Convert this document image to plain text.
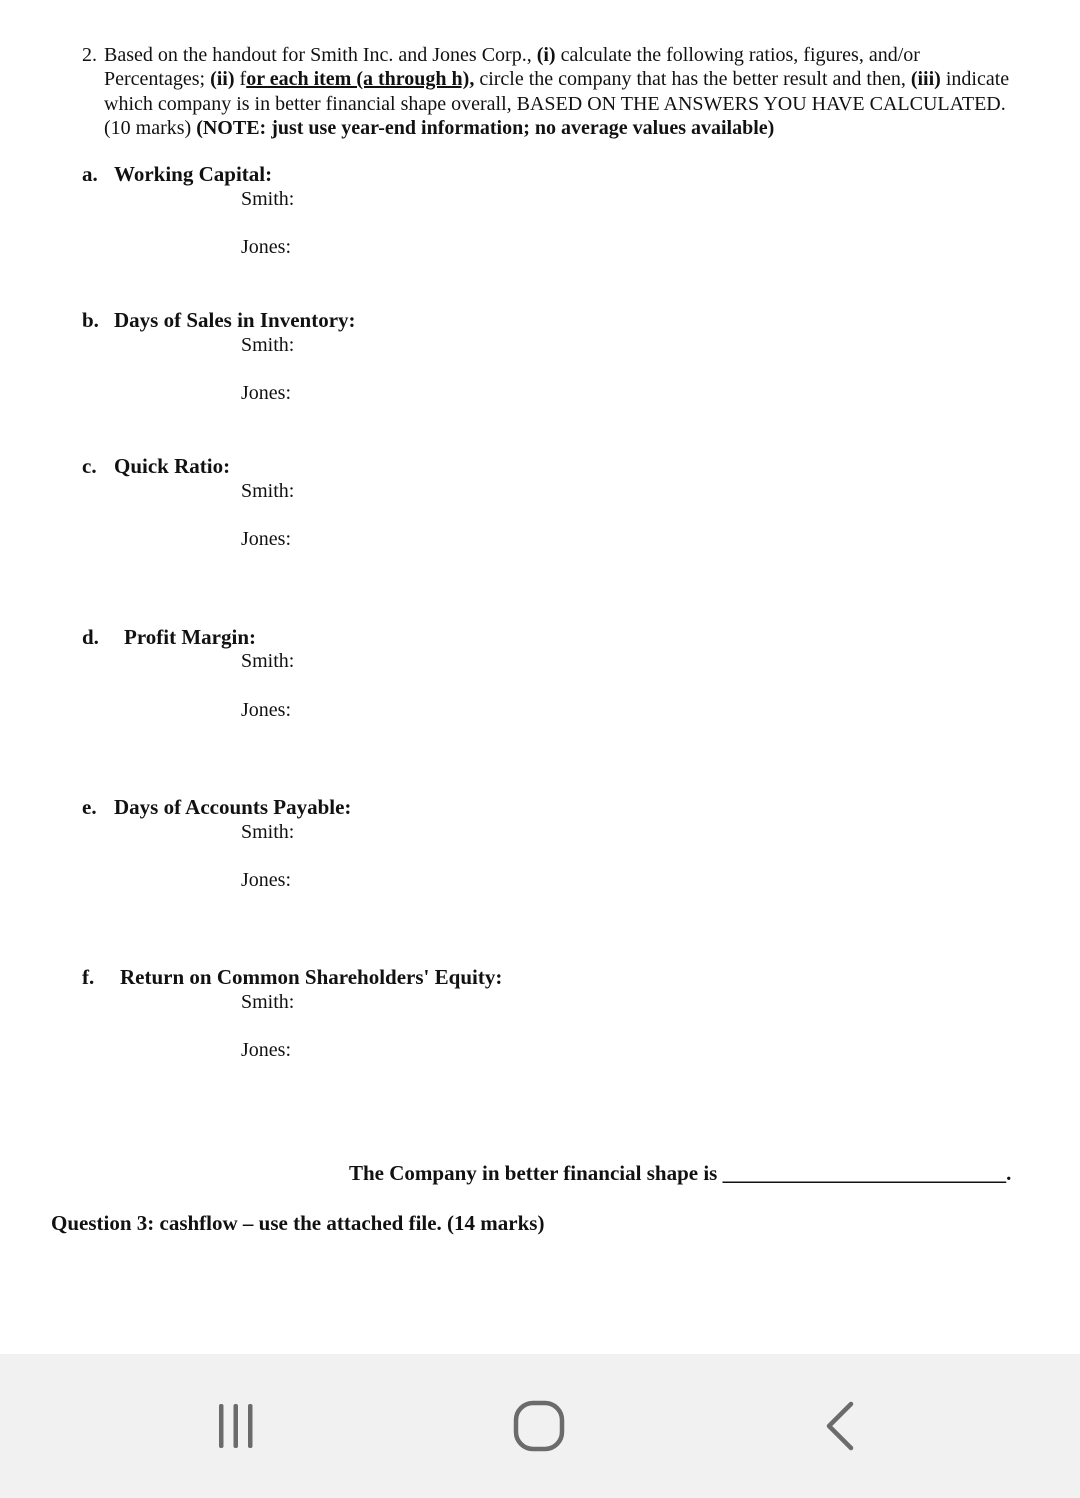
2. Based on the handout for Smith Inc. and Jones Corp., (i) calculate the following ratios, figures, and/or Percentages; (ii) for each item (a through h), circle the company that has the better result and then, (iii) indicate which company is in better financial shape overall, BASED ON THE ANSWERS YOU HAVE CALCULATED. (10 marks) (NOTE: just use year-end information; no average values available)
a. Working Capital:
Smith:
Jones:
b. Days of Sales in Inventory:
Smith:
Jones:
c. Quick Ratio:
Smith:
Jones:
d. Profit Margin:
Smith:
Jones:
e. Days of Accounts Payable:
Smith:
Jones:
f. Return on Common Shareholders' Equity:
Smith:
Jones:
The Company in better financial shape is ___________________________.
Question 3: cashflow – use the attached file. (14 marks)
